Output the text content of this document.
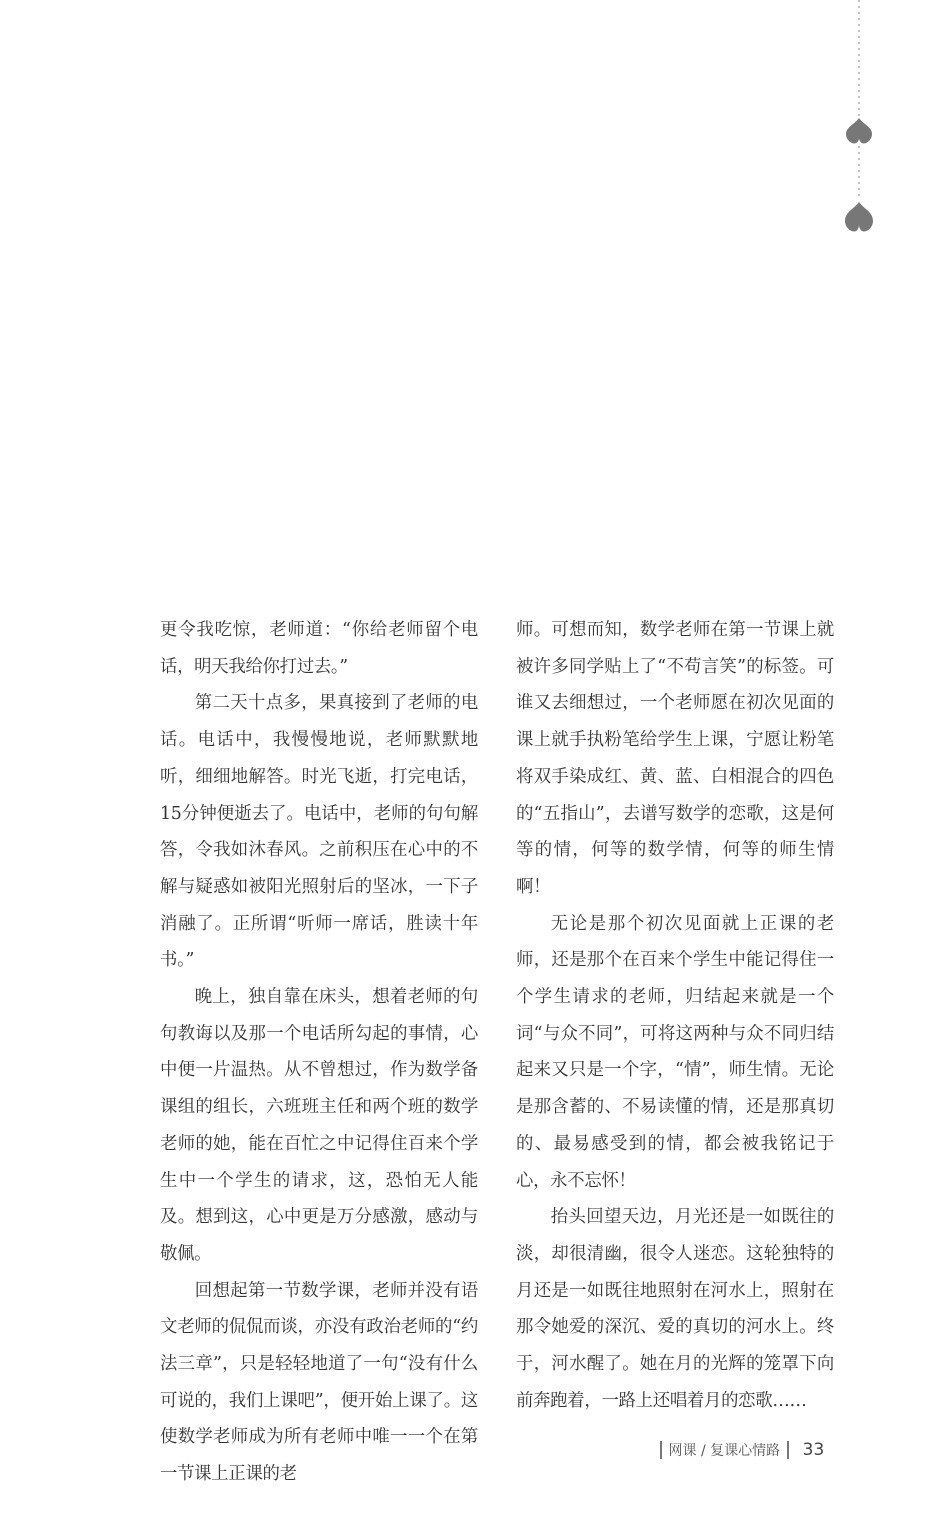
更令我吃惊，老师道：“你给老师留个电话，明天我给你打过去。”

第二天十点多，果真接到了老师的电话。电话中，我慢慢地说，老师默默地听，细细地解答。时光飞逝，打完电话，15分钟便逝去了。电话中，老师的句句解答，令我如沐春风。之前积压在心中的不解与疑惑如被阳光照射后的坚冰，一下子消融了。正所谓“听师一席话，胜读十年书。”

晚上，独自靠在床头，想着老师的句句教诲以及那一个电话所勾起的事情，心中便一片温热。从不曾想过，作为数学备课组的组长，六班班主任和两个班的数学老师的她，能在百忙之中记得住百来个学生中一个学生的请求，这，恐怕无人能及。想到这，心中更是万分感激，感动与敬佩。

回想起第一节数学课，老师并没有语文老师的侃侃而谈，亦没有政治老师的“约法三章”，只是轻轻地道了一句“没有什么可说的，我们上课吧”，便开始上课了。这使数学老师成为所有老师中唯一一个在第一节课上正课的老

师。可想而知，数学老师在第一节课上就被许多同学贴上了“不苟言笑”的标签。可谁又去细想过，一个老师愿在初次见面的课上就手执粉笔给学生上课，宁愿让粉笔将双手染成红、黄、蓝、白相混合的四色的“五指山”，去谱写数学的恋歌，这是何等的情，何等的数学情，何等的师生情啊！

无论是那个初次见面就上正课的老师，还是那个在百来个学生中能记得住一个学生请求的老师，归结起来就是一个词“与众不同”，可将这两种与众不同归结起来又只是一个字，“情”，师生情。无论是那含蓄的、不易读懂的情，还是那真切的、最易感受到的情，都会被我铭记于心，永不忘怀！

抬头回望天边，月光还是一如既往的淡，却很清幽，很令人迷恋。这轮独特的月还是一如既往地照射在河水上，照射在那令她爱的深沉、爱的真切的河水上。终于，河水醒了。她在月的光辉的笼罩下向前奔跑着，一路上还唱着月的恋歌……

网课 / 复课心情路 33
